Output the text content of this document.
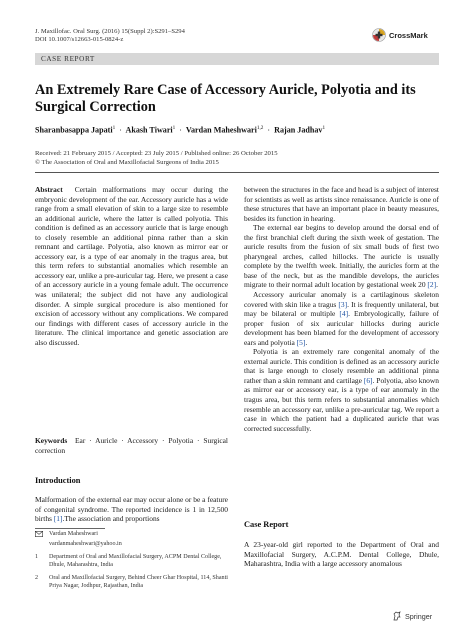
J. Maxillofac. Oral Surg. (2016) 15(Suppl 2):S291–S294
DOI 10.1007/s12663-015-0824-z	CrossMark
CASE REPORT
An Extremely Rare Case of Accessory Auricle, Polyotia and its Surgical Correction
Sharanbasappa Japati$^1$ · Akash Tiwari$^1$ · Vardan Maheshwari$^{1,2}$ · Rajan Jadhav$^1$
Received: 21 February 2015 / Accepted: 23 July 2015 / Published online: 26 October 2015
© The Association of Oral and Maxillofacial Surgeons of India 2015

Abstract Certain malformations may occur during the embryonic development of the ear. Accessory auricle has a wide range from a small elevation of skin to a large size to resemble an additional auricle, where the latter is called polyotia. This condition is defined as an accessory auricle that is large enough to closely resemble an additional pinna rather than a skin remnant and cartilage. Polyotia, also known as mirror ear or accessory ear, is a type of ear anomaly in the tragus area, but this term refers to substantial anomalies which resemble an accessory ear, unlike a pre-auricular tag. Here, we present a case of an accessory auricle in a young female adult. The occurrence was unilateral; the subject did not have any audiological disorder. A simple surgical procedure is also mentioned for excision of accessory without any complications. We compared our findings with different cases of accessory auricle in the literature. The clinical importance and genetic association are also discussed.

Keywords Ear · Auricle · Accessory · Polyotia · Surgical correction

Introduction

Malformation of the external ear may occur alone or be a feature of congenital syndrome. The reported incidence is 1 in 12,500 births [1].The association and proportions

Vardan Maheshwari
vardanmaheshwari@yahoo.in
1	Department of Oral and Maxillofacial Surgery, ACPM Dental College, Dhule, Maharashtra, India
2	Oral and Maxillofacial Surgery, Behind Cheer Ghar Hospital, 114, Shanti Priya Nagar, Jodhpur, Rajasthan, India

between the structures in the face and head is a subject of interest for scientists as well as artists since renaissance. Auricle is one of these structures that have an important place in beauty measures, besides its function in hearing.

The external ear begins to develop around the dorsal end of the first branchial cleft during the sixth week of gestation. The auricle results from the fusion of six small buds of first two pharyngeal arches, called hillocks. The auricle is usually complete by the twelfth week. Initially, the auricles form at the base of the neck, but as the mandible develops, the auricles migrate to their normal adult location by gestational week 20 [2].

Accessory auricular anomaly is a cartilaginous skeleton covered with skin like a tragus [3]. It is frequently unilateral, but may be bilateral or multiple [4]. Embryologically, failure of proper fusion of six auricular hillocks during auricle development has been blamed for the development of accessory ears and polyotia [5].

Polyotia is an extremely rare congenital anomaly of the external auricle. This condition is defined as an accessory auricle that is large enough to closely resemble an additional pinna rather than a skin remnant and cartilage [6]. Polyotia, also known as mirror ear or accessory ear, is a type of ear anomaly in the tragus area, but this term refers to substantial anomalies which resemble an accessory ear, unlike a pre-auricular tag. We report a case in which the patient had a duplicated auricle that was corrected successfully.

Case Report

A 23-year-old girl reported to the Department of Oral and Maxillofacial Surgery, A.C.P.M. Dental College, Dhule, Maharashtra, India with a large accessory anomalous

Springer
